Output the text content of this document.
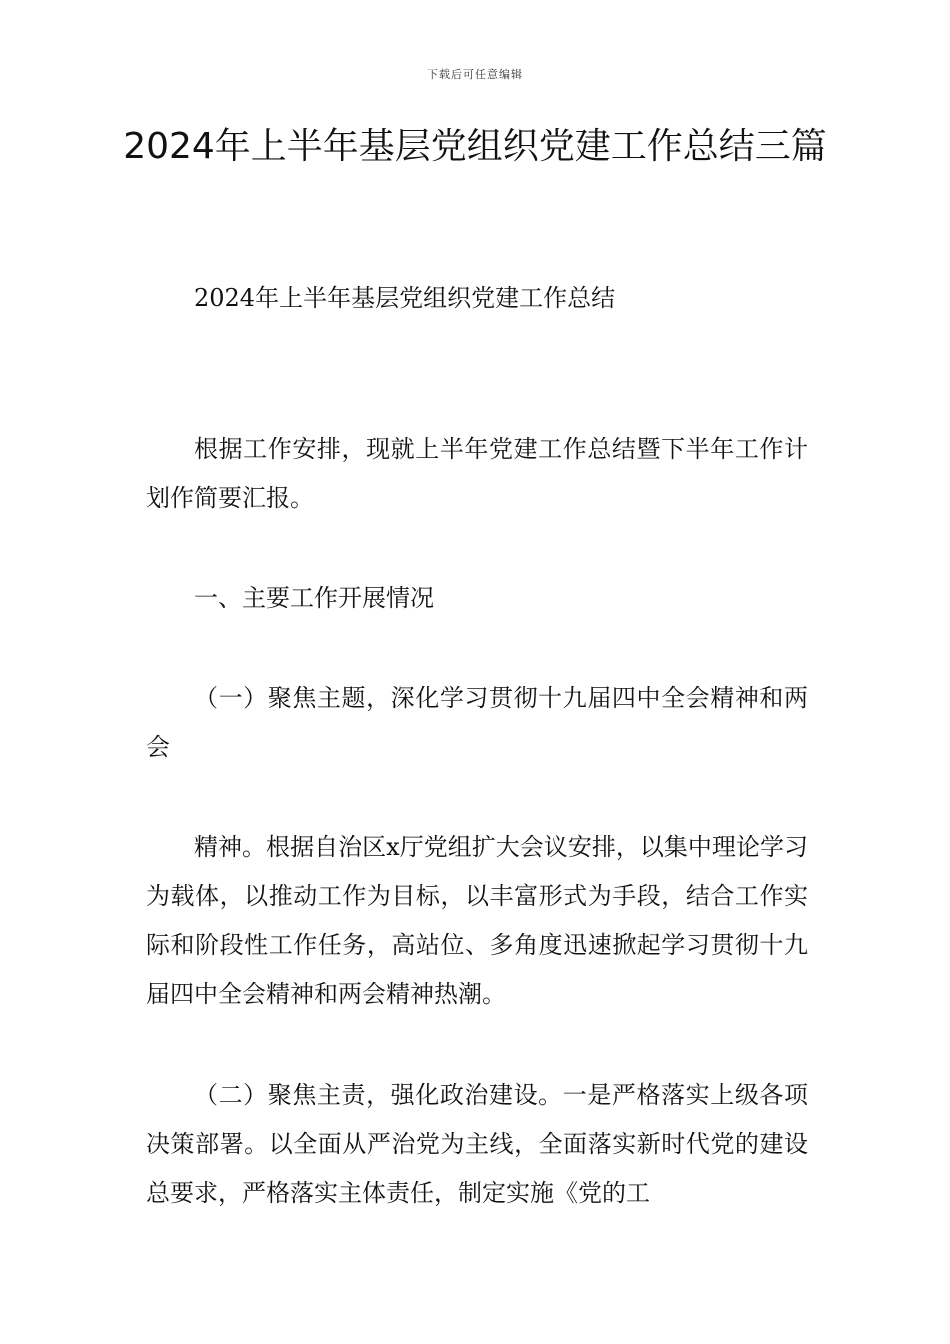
下载后可任意编辑
2024年上半年基层党组织党建工作总结三篇

2024年上半年基层党组织党建工作总结

根据工作安排，现就上半年党建工作总结暨下半年工作计划作简要汇报。

一、主要工作开展情况

（一）聚焦主题，深化学习贯彻十九届四中全会精神和两会

精神。根据自治区x厅党组扩大会议安排，以集中理论学习为载体，以推动工作为目标，以丰富形式为手段，结合工作实际和阶段性工作任务，高站位、多角度迅速掀起学习贯彻十九届四中全会精神和两会精神热潮。

（二）聚焦主责，强化政治建设。一是严格落实上级各项决策部署。以全面从严治党为主线，全面落实新时代党的建设总要求，严格落实主体责任，制定实施《党的工
